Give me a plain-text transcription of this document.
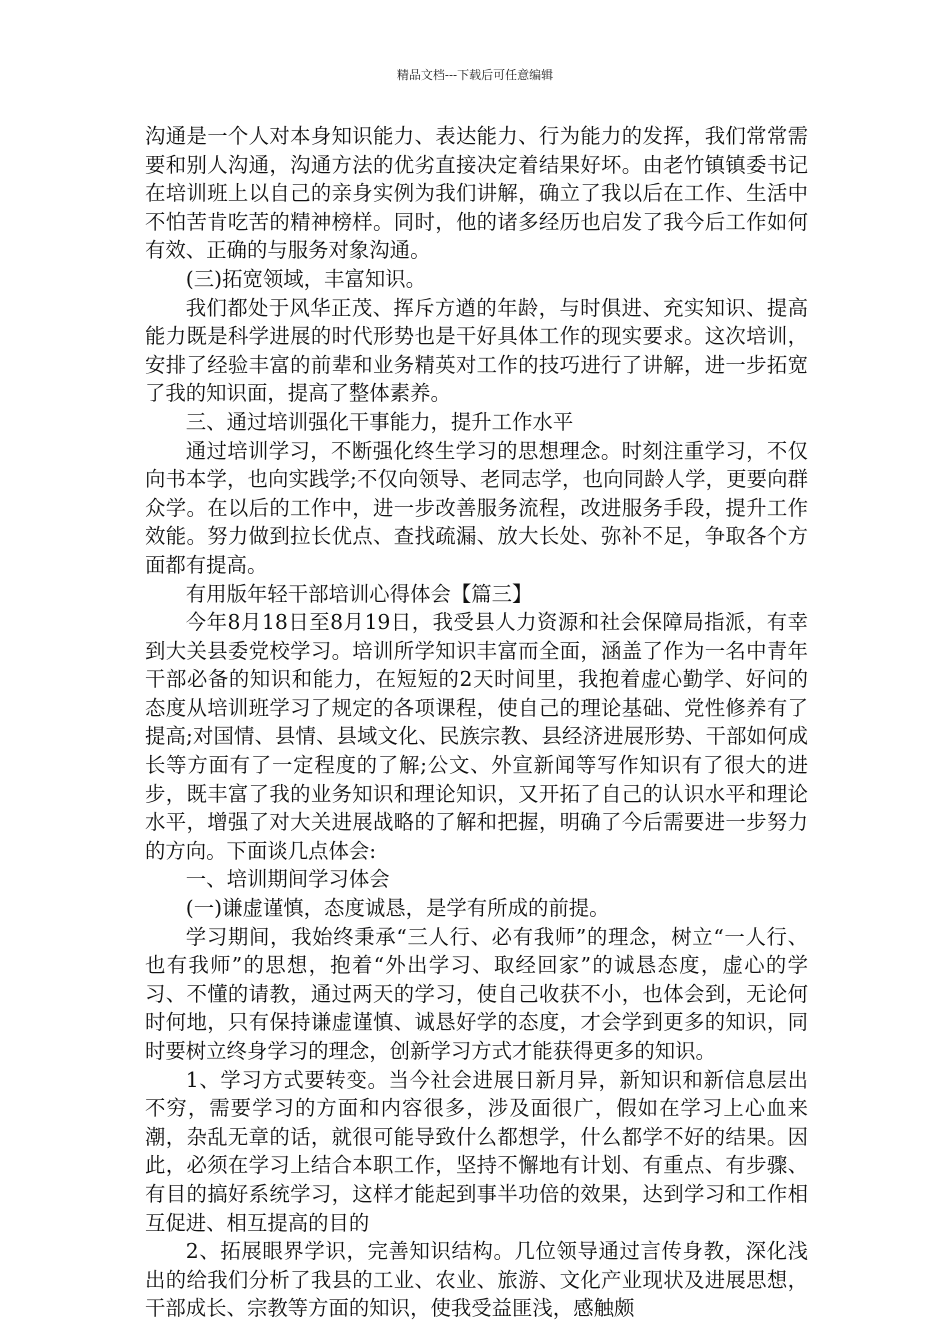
精品文档---下载后可任意编辑

沟通是一个人对本身知识能力、表达能力、行为能力的发挥，我们常常需要和别人沟通，沟通方法的优劣直接决定着结果好坏。由老竹镇镇委书记在培训班上以自己的亲身实例为我们讲解，确立了我以后在工作、生活中不怕苦肯吃苦的精神榜样。同时，他的诸多经历也启发了我今后工作如何有效、正确的与服务对象沟通。

(三)拓宽领域，丰富知识。

我们都处于风华正茂、挥斥方遒的年龄，与时俱进、充实知识、提高能力既是科学进展的时代形势也是干好具体工作的现实要求。这次培训，安排了经验丰富的前辈和业务精英对工作的技巧进行了讲解，进一步拓宽了我的知识面，提高了整体素养。

三、通过培训强化干事能力，提升工作水平

通过培训学习，不断强化终生学习的思想理念。时刻注重学习，不仅向书本学，也向实践学;不仅向领导、老同志学，也向同龄人学，更要向群众学。在以后的工作中，进一步改善服务流程，改进服务手段，提升工作效能。努力做到拉长优点、查找疏漏、放大长处、弥补不足，争取各个方面都有提高。

有用版年轻干部培训心得体会【篇三】

今年8月18日至8月19日，我受县人力资源和社会保障局指派，有幸到大关县委党校学习。培训所学知识丰富而全面，涵盖了作为一名中青年干部必备的知识和能力，在短短的2天时间里，我抱着虚心勤学、好问的态度从培训班学习了规定的各项课程，使自己的理论基础、党性修养有了提高;对国情、县情、县域文化、民族宗教、县经济进展形势、干部如何成长等方面有了一定程度的了解;公文、外宣新闻等写作知识有了很大的进步，既丰富了我的业务知识和理论知识，又开拓了自己的认识水平和理论水平，增强了对大关进展战略的了解和把握，明确了今后需要进一步努力的方向。下面谈几点体会:

一、培训期间学习体会

(一)谦虚谨慎，态度诚恳，是学有所成的前提。

学习期间，我始终秉承“三人行、必有我师”的理念，树立“一人行、也有我师”的思想，抱着“外出学习、取经回家”的诚恳态度，虚心的学习、不懂的请教，通过两天的学习，使自己收获不小，也体会到，无论何时何地，只有保持谦虚谨慎、诚恳好学的态度，才会学到更多的知识，同时要树立终身学习的理念，创新学习方式才能获得更多的知识。

1、学习方式要转变。当今社会进展日新月异，新知识和新信息层出不穷，需要学习的方面和内容很多，涉及面很广，假如在学习上心血来潮，杂乱无章的话，就很可能导致什么都想学，什么都学不好的结果。因此，必须在学习上结合本职工作，坚持不懈地有计划、有重点、有步骤、有目的搞好系统学习，这样才能起到事半功倍的效果，达到学习和工作相互促进、相互提高的目的

2、拓展眼界学识，完善知识结构。几位领导通过言传身教，深化浅出的给我们分析了我县的工业、农业、旅游、文化产业现状及进展思想，干部成长、宗教等方面的知识，使我受益匪浅，感触颇
